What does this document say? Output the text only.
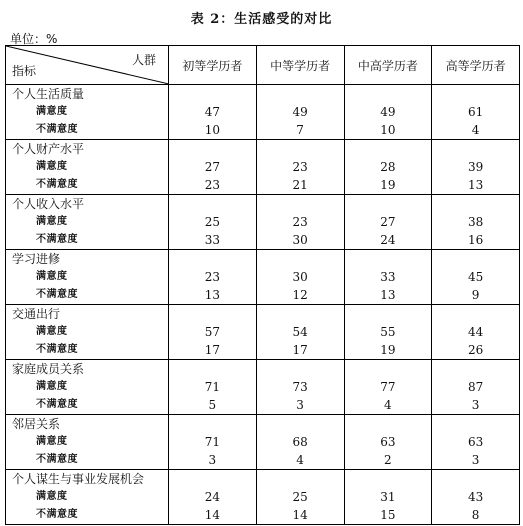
表 2：生活感受的对比
单位：%
人群
指标	初等学历者	中等学历者	中高学历者	高等学历者
个人生活质量				
满意度	47	49	49	61
不满意度	10	7	10	4
个人财产水平				
满意度	27	23	28	39
不满意度	23	21	19	13
个人收入水平				
满意度	25	23	27	38
不满意度	33	30	24	16
学习进修				
满意度	23	30	33	45
不满意度	13	12	13	9
交通出行				
满意度	57	54	55	44
不满意度	17	17	19	26
家庭成员关系				
满意度	71	73	77	87
不满意度	5	3	4	3
邻居关系				
满意度	71	68	63	63
不满意度	3	4	2	3
个人谋生与事业发展机会				
满意度	24	25	31	43
不满意度	14	14	15	8
